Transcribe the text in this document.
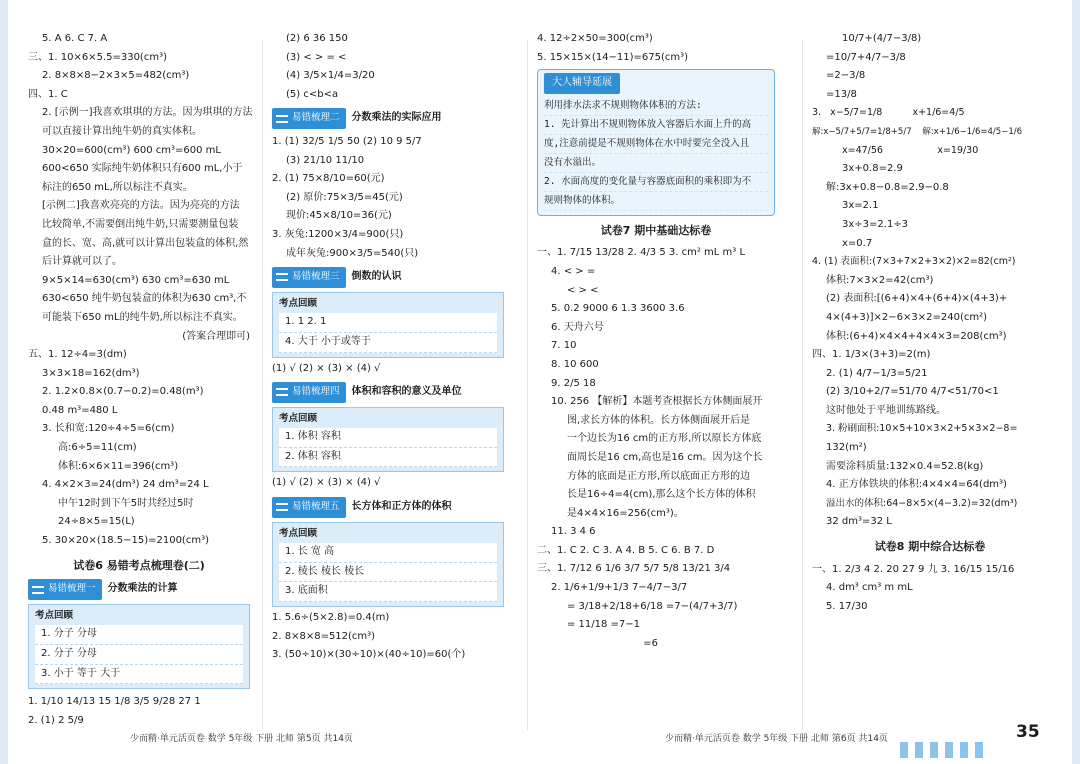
5. A 6. C 7. A
三、1. 10×6×5.5=330(cm³)
2. 8×8×8−2×3×5=482(cm³)
四、1. C
2. [示例一]我喜欢琪琪的方法。因为琪琪的方法
可以直接计算出纯牛奶的真实体积。
30×20=600(cm³) 600 cm³=600 mL
600<650 实际纯牛奶体积只有600 mL,小于
标注的650 mL,所以标注不真实。
[示例二]我喜欢亮亮的方法。因为亮亮的方法
比较简单,不需要倒出纯牛奶,只需要测量包装
盒的长、宽、高,就可以计算出包装盒的体积,然
后计算就可以了。
9×5×14=630(cm³) 630 cm³=630 mL
630<650 纯牛奶包装盒的体积为630 cm³,不
可能装下650 mL的纯牛奶,所以标注不真实。
(答案合理即可)
五、1. 12÷4=3(dm)
3×3×18=162(dm³)
2. 1.2×0.8×(0.7−0.2)=0.48(m³)
0.48 m³=480 L
3. 长和宽:120÷4÷5=6(cm)
高:6÷5=11(cm)
体积:6×6×11=396(cm³)
4. 4×2×3=24(dm³) 24 dm³=24 L
中午12时到下午5时共经过5时
24÷8×5=15(L)
5. 30×20×(18.5−15)=2100(cm³)
试卷6 易错考点梳理卷(二)
易错梳理一 分数乘法的计算
考点回顾
1. 分子 分母
2. 分子 分母
3. 小于 等于 大于
1. 1/10 14/13 15 1/8 3/5 9/28 27 1
2. (1) 2 5/9
(2) 6 36 150
(3) < > = <
(4) 3/5×1/4=3/20
(5) c<b<a
易错梳理二 分数乘法的实际应用
1. (1) 32/5 1/5 50 (2) 10 9 5/7
(3) 21/10 11/10
2. (1) 75×8/10=60(元)
(2) 原价:75×3/5=45(元)
现价:45×8/10=36(元)
3. 灰兔:1200×3/4=900(只)
成年灰兔:900×3/5=540(只)
易错梳理三 倒数的认识
考点回顾
1. 1 2. 1
4. 大于 小于或等于
(1) √ (2) × (3) × (4) √
易错梳理四 体积和容积的意义及单位
考点回顾
1. 体积 容积
2. 体积 容积
(1) √ (2) × (3) × (4) √
易错梳理五 长方体和正方体的体积
考点回顾
1. 长 宽 高
2. 棱长 棱长 棱长
3. 底面积
1. 5.6÷(5×2.8)=0.4(m)
2. 8×8×8=512(cm³)
3. (50÷10)×(30÷10)×(40÷10)=60(个)
4. 12÷2×50=300(cm³)
5. 15×15×(14−11)=675(cm³)
大人辅导延展
利用排水法求不规则物体体积的方法:
1. 先计算出不规则物体放入容器后水面上升的高
度,注意前提是不规则物体在水中时要完全没入且
没有水溢出。
2. 水面高度的变化量与容器底面积的乘积即为不
规则物体的体积。
试卷7 期中基础达标卷
一、1. 7/15 13/28 2. 4/3 5 3. cm² mL m³ L
4. < > =
< > <
5. 0.2 9000 6 1.3 3600 3.6
6. 天舟六号
7. 10
8. 10 600
9. 2/5 18
10. 256 【解析】本题考查根据长方体侧面展开
图,求长方体的体积。长方体侧面展开后是
一个边长为16 cm的正方形,所以原长方体底
面周长是16 cm,高也是16 cm。因为这个长
方体的底面是正方形,所以底面正方形的边
长是16÷4=4(cm),那么这个长方体的体积
是4×4×16=256(cm³)。
11. 3 4 6
二、1. C 2. C 3. A 4. B 5. C 6. B 7. D
三、1. 7/12 6 1/6 3/7 5/7 5/8 13/21 3/4
2. 1/6+1/9+1/3 7−4/7−3/7
= 3/18+2/18+6/18 =7−(4/7+3/7)
= 11/18 =7−1
=6
10/7+(4/7−3/8)
=10/7+4/7−3/8
=2−3/8
=13/8
3.   x−5/7=1/8          x+1/6=4/5
解:x−5/7+5/7=1/8+5/7    解:x+1/6−1/6=4/5−1/6
x=47/56                  x=19/30
3x+0.8=2.9
解:3x+0.8−0.8=2.9−0.8
3x=2.1
3x÷3=2.1÷3
x=0.7
4. (1) 表面积:(7×3+7×2+3×2)×2=82(cm²)
体积:7×3×2=42(cm³)
(2) 表面积:[(6+4)×4+(6+4)×(4+3)+
4×(4+3)]×2−6×3×2=240(cm²)
体积:(6+4)×4×4+4×4×3=208(cm³)
四、1. 1/3×(3+3)=2(m)
2. (1) 4/7−1/3=5/21
(2) 3/10+2/7=51/70 4/7<51/70<1
这时他处于平地训练路线。
3. 粉刷面积:10×5+10×3×2+5×3×2−8=
132(m²)
需要涂料质量:132×0.4=52.8(kg)
4. 正方体铁块的体积:4×4×4=64(dm³)
溢出水的体积:64−8×5×(4−3.2)=32(dm³)
32 dm³=32 L
试卷8 期中综合达标卷
一、1. 2/3 4 2. 20 27 9 九 3. 16/15 15/16
4. dm³ cm³ m mL
5. 17/30
少而精·单元活页卷 数学 5年级 下册 北师 第5页 共14页	少而精·单元活页卷 数学 5年级 下册 北师 第6页 共14页	35
